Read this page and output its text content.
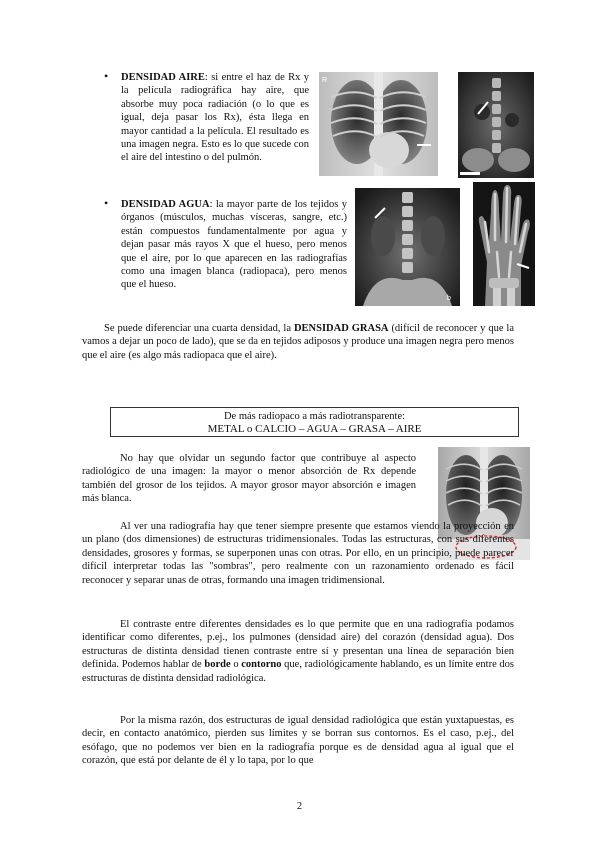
• DENSIDAD AIRE: si entre el haz de Rx y la película radiográfica hay aire, que absorbe muy poca radiación (o lo que es igual, deja pasar los Rx), ésta llega en mayor cantidad a la película. El resultado es una imagen negra. Esto es lo que sucede con el aire del intestino o del pulmón.
R
• DENSIDAD AGUA: la mayor parte de los tejidos y órganos (músculos, muchas vísceras, sangre, etc.) están compuestos fundamentalmente por agua y dejan pasar más rayos X que el hueso, pero menos que el aire, por lo que aparecen en las radiografías como una imagen blanca (radiopaca), pero menos que el hueso.
b
Se puede diferenciar una cuarta densidad, la DENSIDAD GRASA (difícil de reconocer y que la vamos a dejar un poco de lado), que se da en tejidos adiposos y produce una imagen negra pero menos que el aire (es algo más radiopaca que el aire).
De más radiopaco a más radiotransparente:
METAL o CALCIO – AGUA – GRASA – AIRE
No hay que olvidar un segundo factor que contribuye al aspecto radiológico de una imagen: la mayor o menor absorción de Rx depende también del grosor de los tejidos. A mayor grosor mayor absorción e imagen más blanca.
Al ver una radiografía hay que tener siempre presente que estamos viendo la proyección en un plano (dos dimensiones) de estructuras tridimensionales. Todas las estructuras, con sus diferentes densidades, grosores y formas, se superponen unas con otras. Por ello, en un principio, puede parecer difícil interpretar todas las "sombras", pero realmente con un razonamiento ordenado es fácil reconocer y separar unas de otras, formando una imagen tridimensional.
El contraste entre diferentes densidades es lo que permite que en una radiografía podamos identificar como diferentes, p.ej., los pulmones (densidad aire) del corazón (densidad agua). Dos estructuras de distinta densidad tienen contraste entre sí y presentan una línea de separación bien definida. Podemos hablar de borde o contorno que, radiológicamente hablando, es un límite entre dos estructuras de distinta densidad radiológica.
Por la misma razón, dos estructuras de igual densidad radiológica que están yuxtapuestas, es decir, en contacto anatómico, pierden sus límites y se borran sus contornos. Es el caso, p.ej., del esófago, que no podemos ver bien en la radiografía porque es de densidad agua al igual que el corazón, que está por delante de él y lo tapa, por lo que
2
